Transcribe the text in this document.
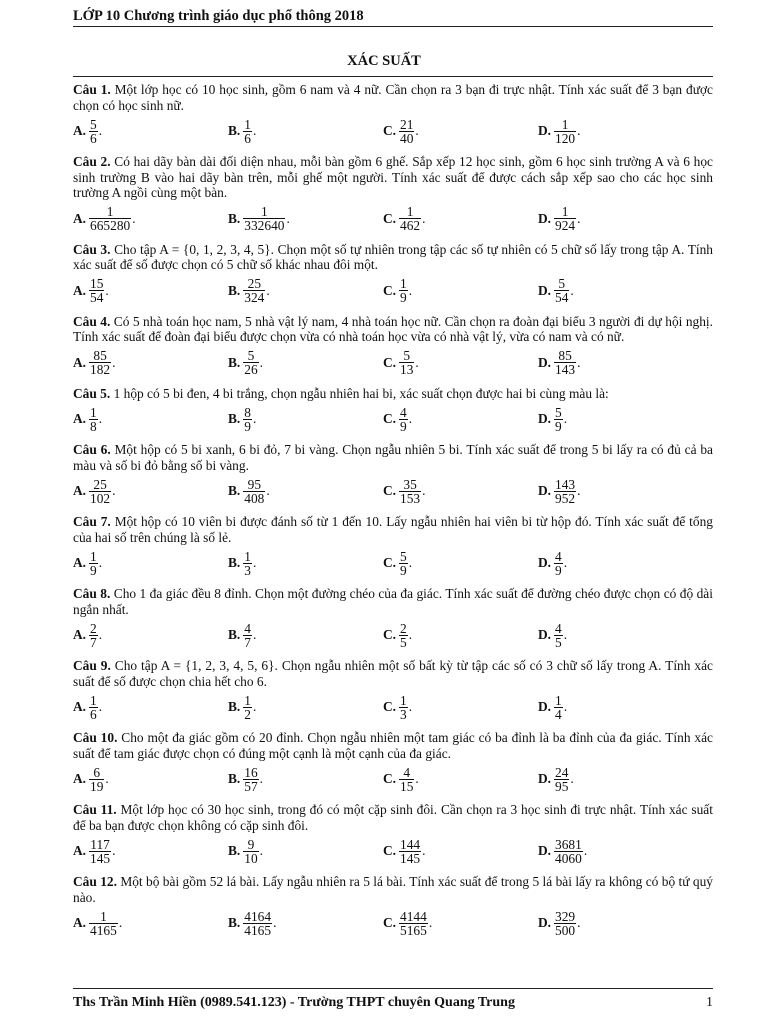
LỚP 10 Chương trình giáo dục phổ thông 2018
XÁC SUẤT
Câu 1. Một lớp học có 10 học sinh, gồm 6 nam và 4 nữ. Cần chọn ra 3 bạn đi trực nhật. Tính xác suất để 3 bạn được chọn có học sinh nữ.
A. $\frac{5}{6}$ .	B. $\frac{1}{6}$ .	C. $\frac{21}{40}$ .	D. $\frac{1}{120}$ .
Câu 2. Có hai dãy bàn dài đối diện nhau, mỗi bàn gồm 6 ghế. Sắp xếp 12 học sinh, gồm 6 học sinh trường A và 6 học sinh trường B vào hai dãy bàn trên, mỗi ghế một người. Tính xác suất để được cách sắp xếp sao cho các học sinh trường A ngồi cùng một bàn.
A. $\frac{1}{665280}$ .	B. $\frac{1}{332640}$ .	C. $\frac{1}{462}$ .	D. $\frac{1}{924}$ .
Câu 3. Cho tập A = {0, 1, 2, 3, 4, 5}. Chọn một số tự nhiên trong tập các số tự nhiên có 5 chữ số lấy trong tập A. Tính xác suất để số được chọn có 5 chữ số khác nhau đôi một.
A. $\frac{15}{54}$ .	B. $\frac{25}{324}$ .	C. $\frac{1}{9}$ .	D. $\frac{5}{54}$ .
Câu 4. Có 5 nhà toán học nam, 5 nhà vật lý nam, 4 nhà toán học nữ. Cần chọn ra đoàn đại biểu 3 người đi dự hội nghị. Tính xác suất để đoàn đại biểu được chọn vừa có nhà toán học vừa có nhà vật lý, vừa có nam và có nữ.
A. $\frac{85}{182}$ .	B. $\frac{5}{26}$ .	C. $\frac{5}{13}$ .	D. $\frac{85}{143}$ .
Câu 5. 1 hộp có 5 bi đen, 4 bi trắng, chọn ngẫu nhiên hai bi, xác suất chọn được hai bi cùng màu là:
A. $\frac{1}{8}$ .	B. $\frac{8}{9}$ .	C. $\frac{4}{9}$ .	D. $\frac{5}{9}$ .
Câu 6. Một hộp có 5 bi xanh, 6 bi đỏ, 7 bi vàng. Chọn ngẫu nhiên 5 bi. Tính xác suất để trong 5 bi lấy ra có đủ cả ba màu và số bi đỏ bằng số bi vàng.
A. $\frac{25}{102}$ .	B. $\frac{95}{408}$ .	C. $\frac{35}{153}$ .	D. $\frac{143}{952}$ .
Câu 7. Một hộp có 10 viên bi được đánh số từ 1 đến 10. Lấy ngẫu nhiên hai viên bi từ hộp đó. Tính xác suất để tổng của hai số trên chúng là số lẻ.
A. $\frac{1}{9}$ .	B. $\frac{1}{3}$ .	C. $\frac{5}{9}$ .	D. $\frac{4}{9}$ .
Câu 8. Cho 1 đa giác đều 8 đỉnh. Chọn một đường chéo của đa giác. Tính xác suất để đường chéo được chọn có độ dài ngắn nhất.
A. $\frac{2}{7}$ .	B. $\frac{4}{7}$ .	C. $\frac{2}{5}$ .	D. $\frac{4}{5}$ .
Câu 9. Cho tập A = {1, 2, 3, 4, 5, 6}. Chọn ngẫu nhiên một số bất kỳ từ tập các số có 3 chữ số lấy trong A. Tính xác suất để số được chọn chia hết cho 6.
A. $\frac{1}{6}$ .	B. $\frac{1}{2}$ .	C. $\frac{1}{3}$ .	D. $\frac{1}{4}$ .
Câu 10. Cho một đa giác gồm có 20 đỉnh. Chọn ngẫu nhiên một tam giác có ba đỉnh là ba đỉnh của đa giác. Tính xác suất để tam giác được chọn có đúng một cạnh là một cạnh của đa giác.
A. $\frac{6}{19}$ .	B. $\frac{16}{57}$ .	C. $\frac{4}{15}$ .	D. $\frac{24}{95}$ .
Câu 11. Một lớp học có 30 học sinh, trong đó có một cặp sinh đôi. Cần chọn ra 3 học sinh đi trực nhật. Tính xác suất để ba bạn được chọn không có cặp sinh đôi.
A. $\frac{117}{145}$ .	B. $\frac{9}{10}$ .	C. $\frac{144}{145}$ .	D. $\frac{3681}{4060}$ .
Câu 12. Một bộ bài gồm 52 lá bài. Lấy ngẫu nhiên ra 5 lá bài. Tính xác suất để trong 5 lá bài lấy ra không có bộ tứ quý nào.
A. $\frac{1}{4165}$ .	B. $\frac{4164}{4165}$ .	C. $\frac{4144}{5165}$ .	D. $\frac{329}{500}$ .
Ths Trần Minh Hiền (0989.541.123) - Trường THPT chuyên Quang Trung	1
